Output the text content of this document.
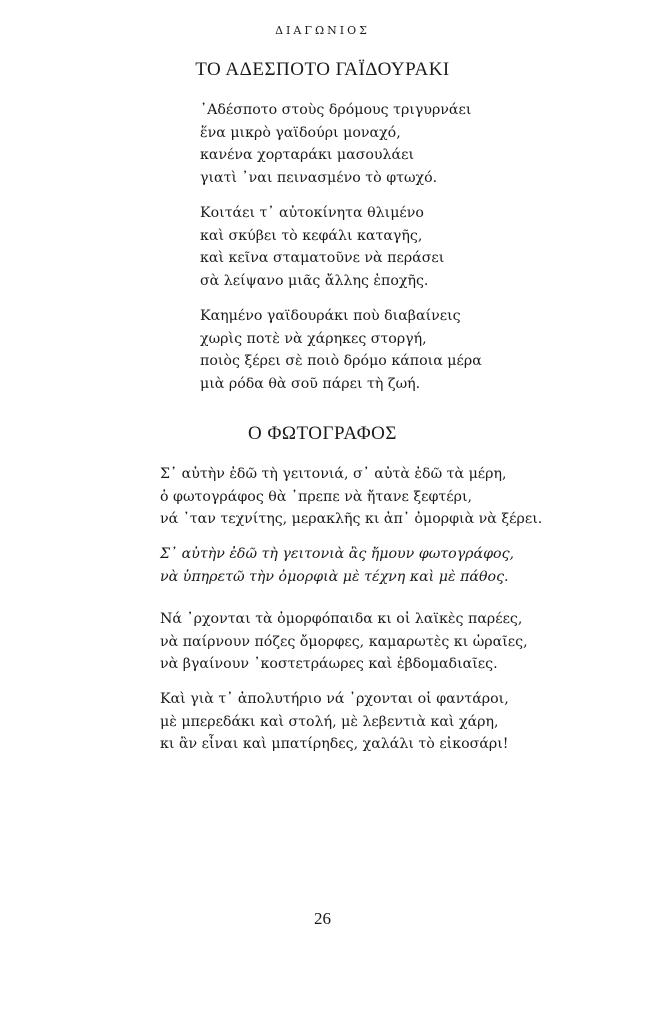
ΔΙΑΓΩΝΙΟΣ
ΤΟ ΑΔΕΣΠΟΤΟ ΓΑΪΔΟΥΡΑΚΙ
᾿Αδέσποτο στοὺς δρόμους τριγυρνάει
ἕνα μικρὸ γαϊδούρι μοναχό,
κανένα χορταράκι μασουλάει
γιατὶ ᾿ναι πεινασμένο τὸ φτωχό.
Κοιτάει τ᾿ αὐτοκίνητα θλιμένο
καὶ σκύβει τὸ κεφάλι καταγῆς,
καὶ κεῖνα σταματοῦνε νὰ περάσει
σὰ λείψανο μιᾶς ἄλλης ἐποχῆς.
Καημένο γαϊδουράκι ποὺ διαβαίνεις
χωρὶς ποτὲ νὰ χάρηκες στοργή,
ποιὸς ξέρει σὲ ποιὸ δρόμο κάποια μέρα
μιὰ ρόδα θὰ σοῦ πάρει τὴ ζωή.
Ο ΦΩΤΟΓΡΑΦΟΣ
Σ᾿ αὐτὴν ἐδῶ τὴ γειτονιά, σ᾿ αὐτὰ ἐδῶ τὰ μέρη,
ὁ φωτογράφος θὰ ᾿πρεπε νὰ ἤτανε ξεφτέρι,
νά ᾿ταν τεχνίτης, μερακλῆς κι ἀπ᾿ ὀμορφιὰ νὰ ξέρει.
Σ᾿ αὐτὴν ἐδῶ τὴ γειτονιὰ ἂς ἤμουν φωτογράφος,
νὰ ὑπηρετῶ τὴν ὀμορφιὰ μὲ τέχνη καὶ μὲ πάθος.
Νά ᾿ρχονται τὰ ὀμορφόπαιδα κι οἱ λαϊκὲς παρέες,
νὰ παίρνουν πόζες ὄμορφες, καμαρωτὲς κι ὡραῖες,
νὰ βγαίνουν ᾿κοστετράωρες καὶ ἑβδομαδιαῖες.
Καὶ γιὰ τ᾿ ἀπολυτήριο νά ᾿ρχονται οἱ φαντάροι,
μὲ μπερεδάκι καὶ στολή, μὲ λεβεντιὰ καὶ χάρη,
κι ἂν εἶναι καὶ μπατίρηδες, χαλάλι τὸ εἰκοσάρι!
26
